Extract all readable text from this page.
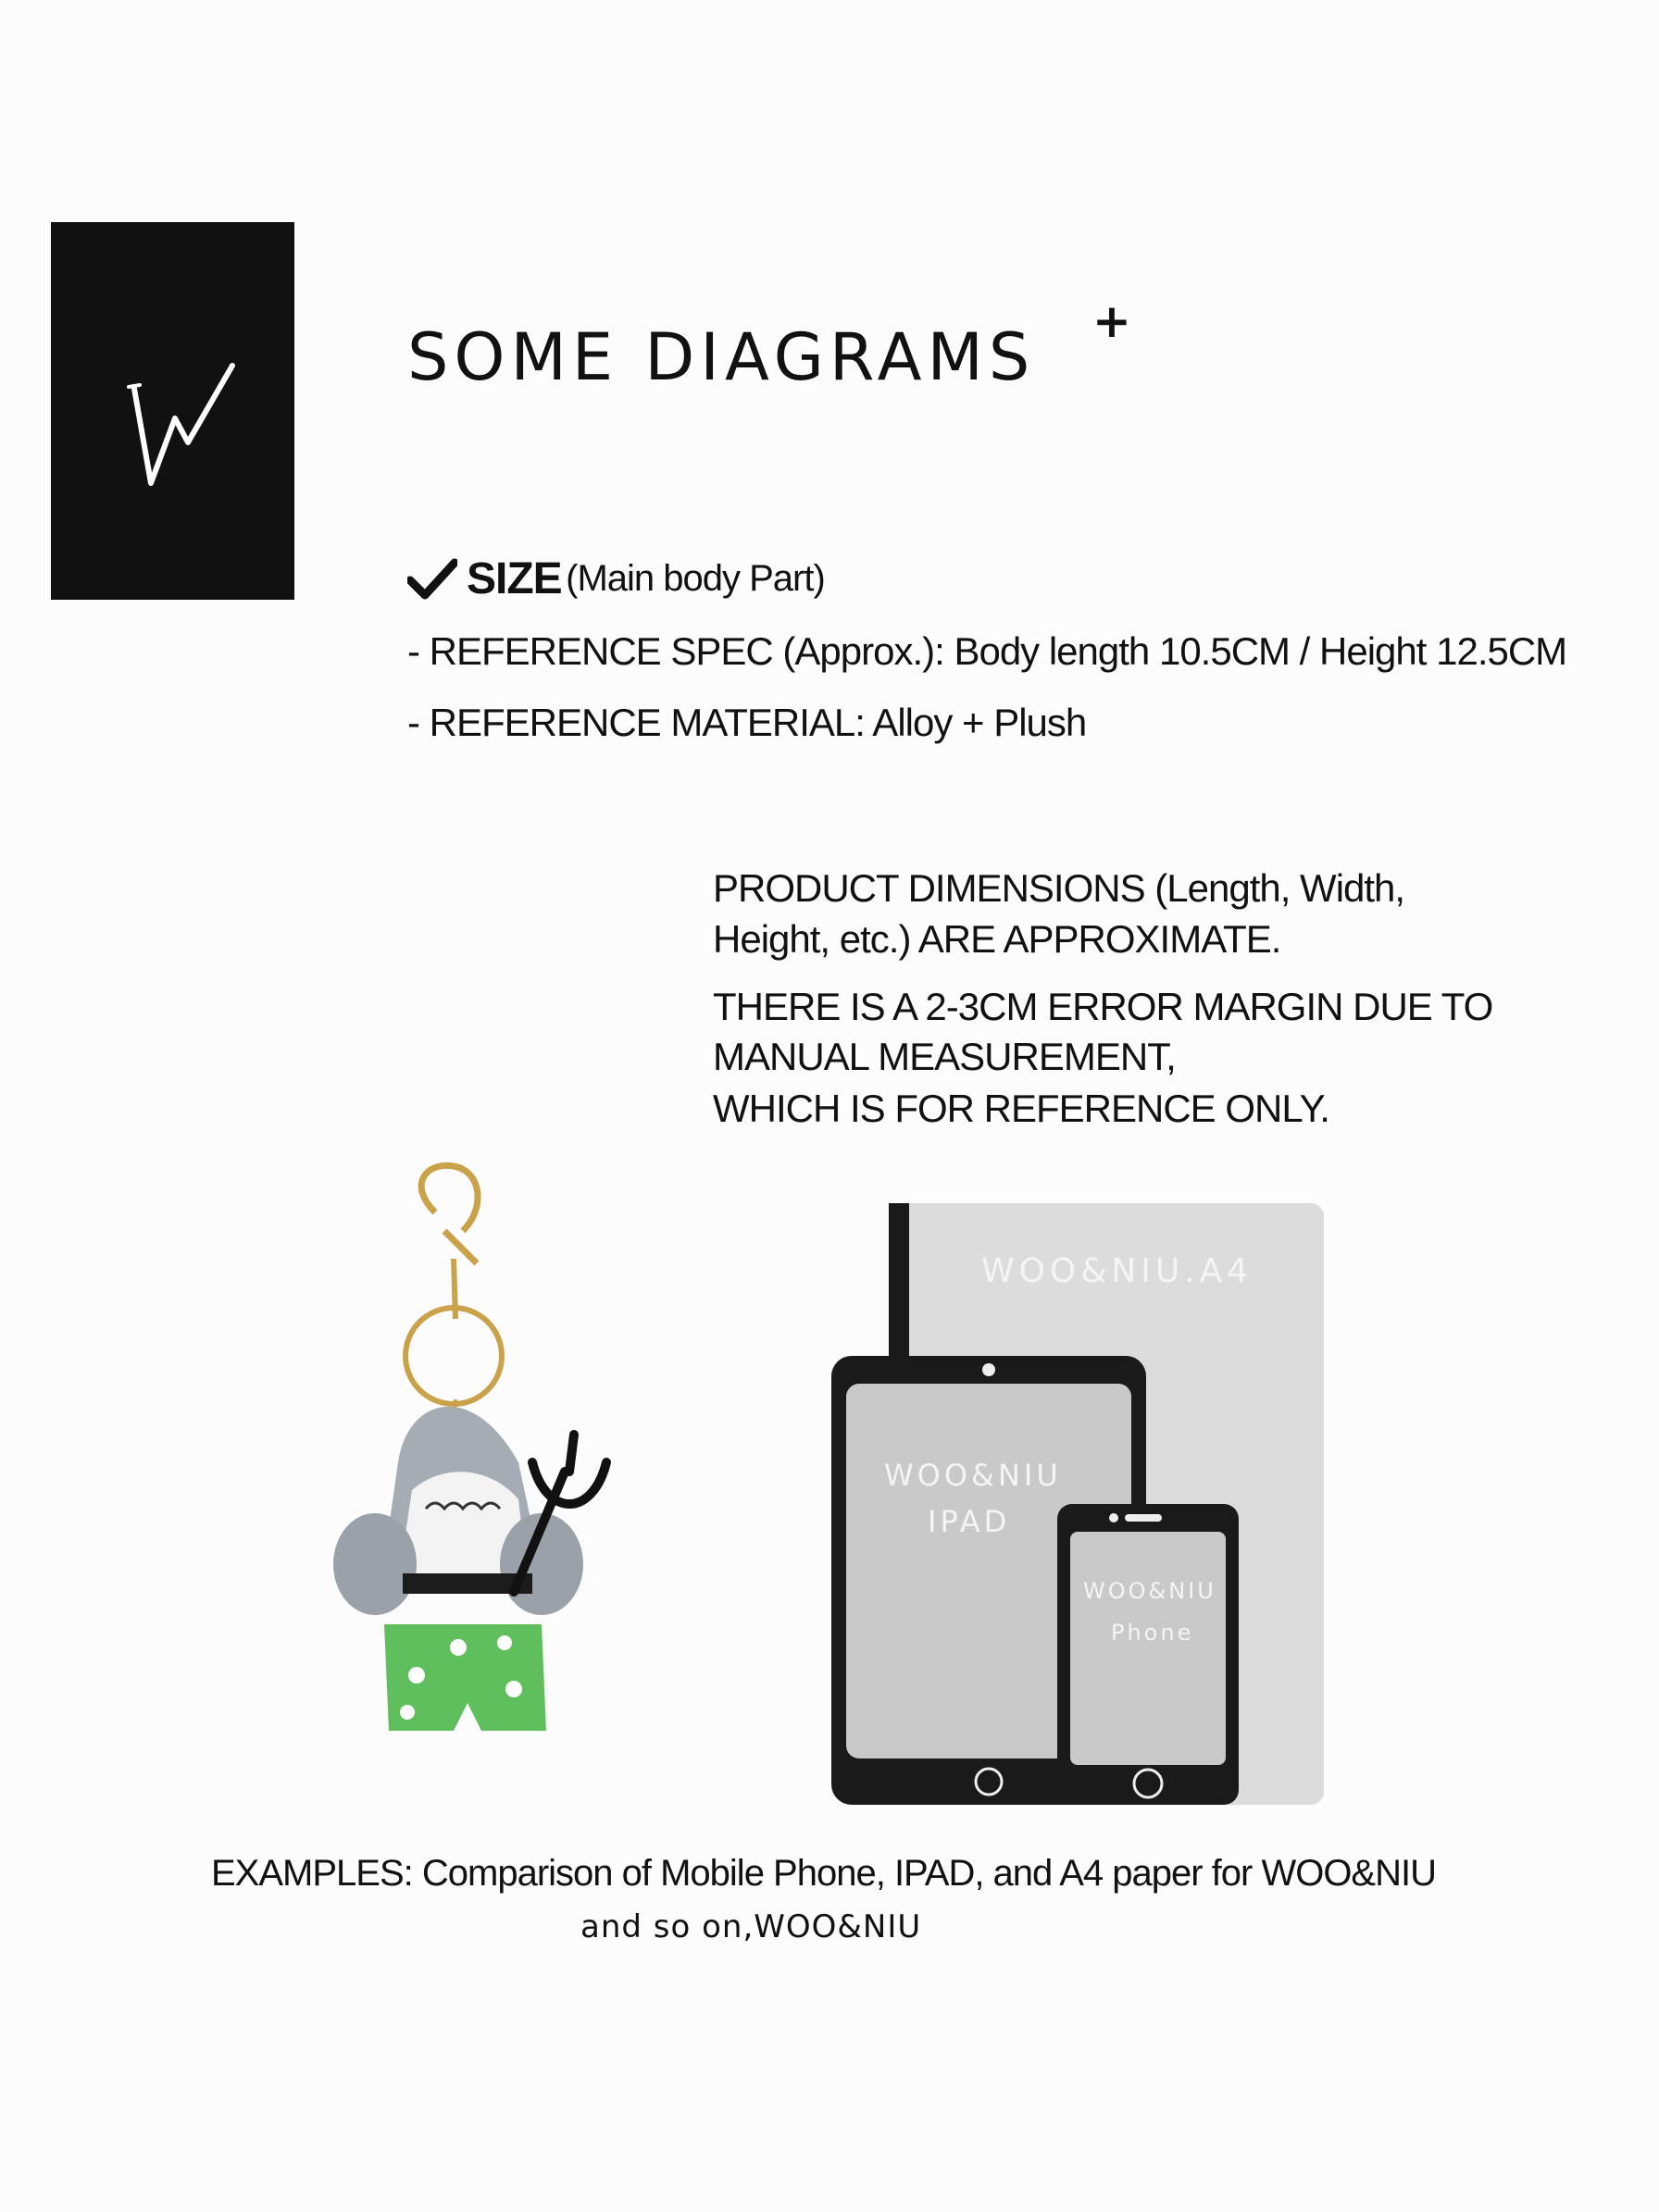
SOME DIAGRAMS +
SIZE (Main body Part)
- REFERENCE SPEC (Approx.): Body length 10.5CM / Height 12.5CM
- REFERENCE MATERIAL: Alloy + Plush
PRODUCT DIMENSIONS (Length, Width,
Height, etc.) ARE APPROXIMATE.
THERE IS A 2-3CM ERROR MARGIN DUE TO
MANUAL MEASUREMENT,
WHICH IS FOR REFERENCE ONLY.
WOO&NIU.A4
WOO&NIU
IPAD
WOO&NIU
Phone
EXAMPLES: Comparison of Mobile Phone, IPAD, and A4 paper for WOO&NIU
and so on,WOO&NIU
